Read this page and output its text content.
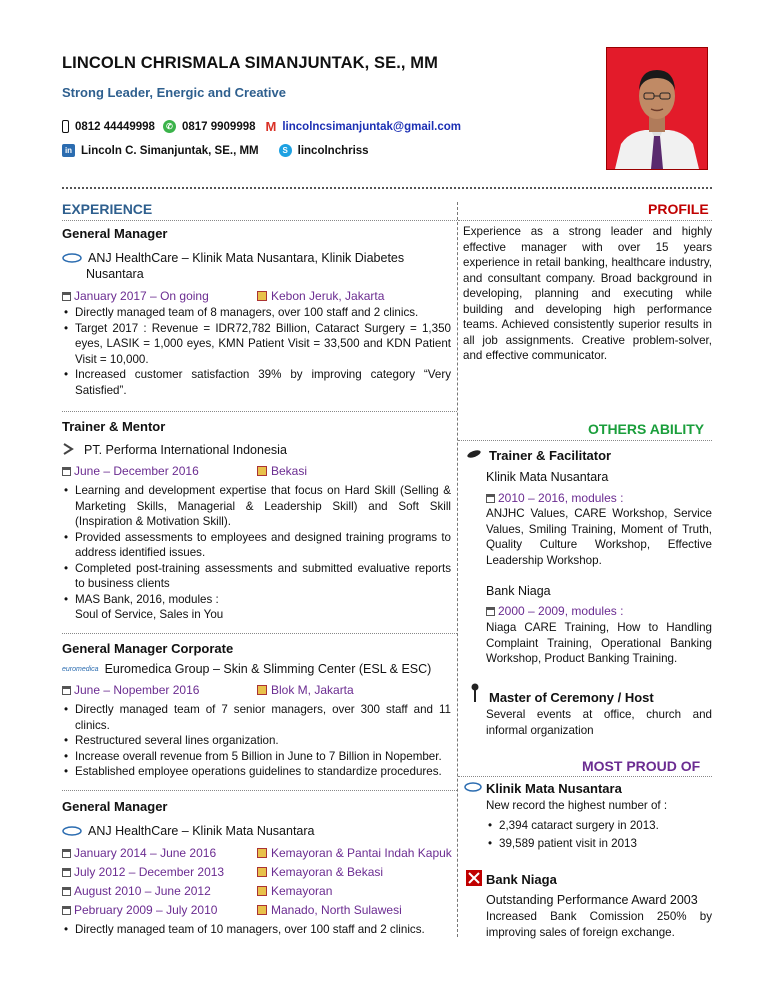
LINCOLN CHRISMALA SIMANJUNTAK, SE., MM
Strong Leader, Energic and Creative
0812 44449998	✆ 0817 9909998 M lincolncsimanjuntak@gmail.com
in Lincoln C. Simanjuntak, SE., MM	S lincolnchriss
EXPERIENCE	PROFILE
General Manager
ANJ HealthCare – Klinik Mata Nusantara, Klinik Diabetes
Nusantara
January 2017 – On going	Kebon Jeruk, Jakarta
• Directly managed team of 8 managers, over 100 staff and 2 clinics.
• Target 2017 : Revenue = IDR72,782 Billion, Cataract Surgery = 1,350 eyes, LASIK = 1,000 eyes, KMN Patient Visit = 33,500 and KDN Patient Visit = 10,000.
• Increased customer satisfaction 39% by improving category “Very Satisfied”.
Trainer & Mentor
PT. Performa International Indonesia
June – December 2016	Bekasi
• Learning and development expertise that focus on Hard Skill (Selling & Marketing Skills, Managerial & Leadership Skill) and Soft Skill (Inspiration & Motivation Skill).
• Provided assessments to employees and designed training programs to address identified issues.
• Completed post-training assessments and submitted evaluative reports to business clients
• MAS Bank, 2016, modules :
Soul of Service, Sales in You
General Manager Corporate
euromedica Euromedica Group – Skin & Slimming Center (ESL & ESC)
June – Nopember 2016	Blok M, Jakarta
• Directly managed team of 7 senior managers, over 300 staff and 11 clinics.
• Restructured several lines organization.
• Increase overall revenue from 5 Billion in June to 7 Billion in Nopember.
• Established employee operations guidelines to standardize procedures.
General Manager
ANJ HealthCare – Klinik Mata Nusantara
January 2014 – June 2016	Kemayoran & Pantai Indah Kapuk
July 2012 – December 2013	Kemayoran & Bekasi
August 2010 – June 2012	Kemayoran
Pebruary 2009 – July 2010	Manado, North Sulawesi
• Directly managed team of 10 managers, over 100 staff and 2 clinics.
Experience as a strong leader and highly effective manager with over 15 years experience in retail banking, healthcare industry, and consultant company. Broad background in developing, planning and executing while building and developing high performance teams. Achieved consistently superior results in all job assignments. Creative problem-solver, and effective communicator.
OTHERS ABILITY
Trainer & Facilitator
Klinik Mata Nusantara
2010 – 2016, modules :
ANJHC Values, CARE Workshop, Service Values, Smiling Training, Moment of Truth, Quality Culture Workshop, Effective Leadership Workshop.
Bank Niaga
2000 – 2009, modules :
Niaga CARE Training, How to Handling Complaint Training, Operational Banking Workshop, Product Banking Training.
Master of Ceremony / Host
Several events at office, church and informal organization
MOST PROUD OF
Klinik Mata Nusantara
New record the highest number of :
• 2,394 cataract surgery in 2013.
• 39,589 patient visit in 2013
Bank Niaga
Outstanding Performance Award 2003
Increased Bank Comission 250% by improving sales of foreign exchange.
